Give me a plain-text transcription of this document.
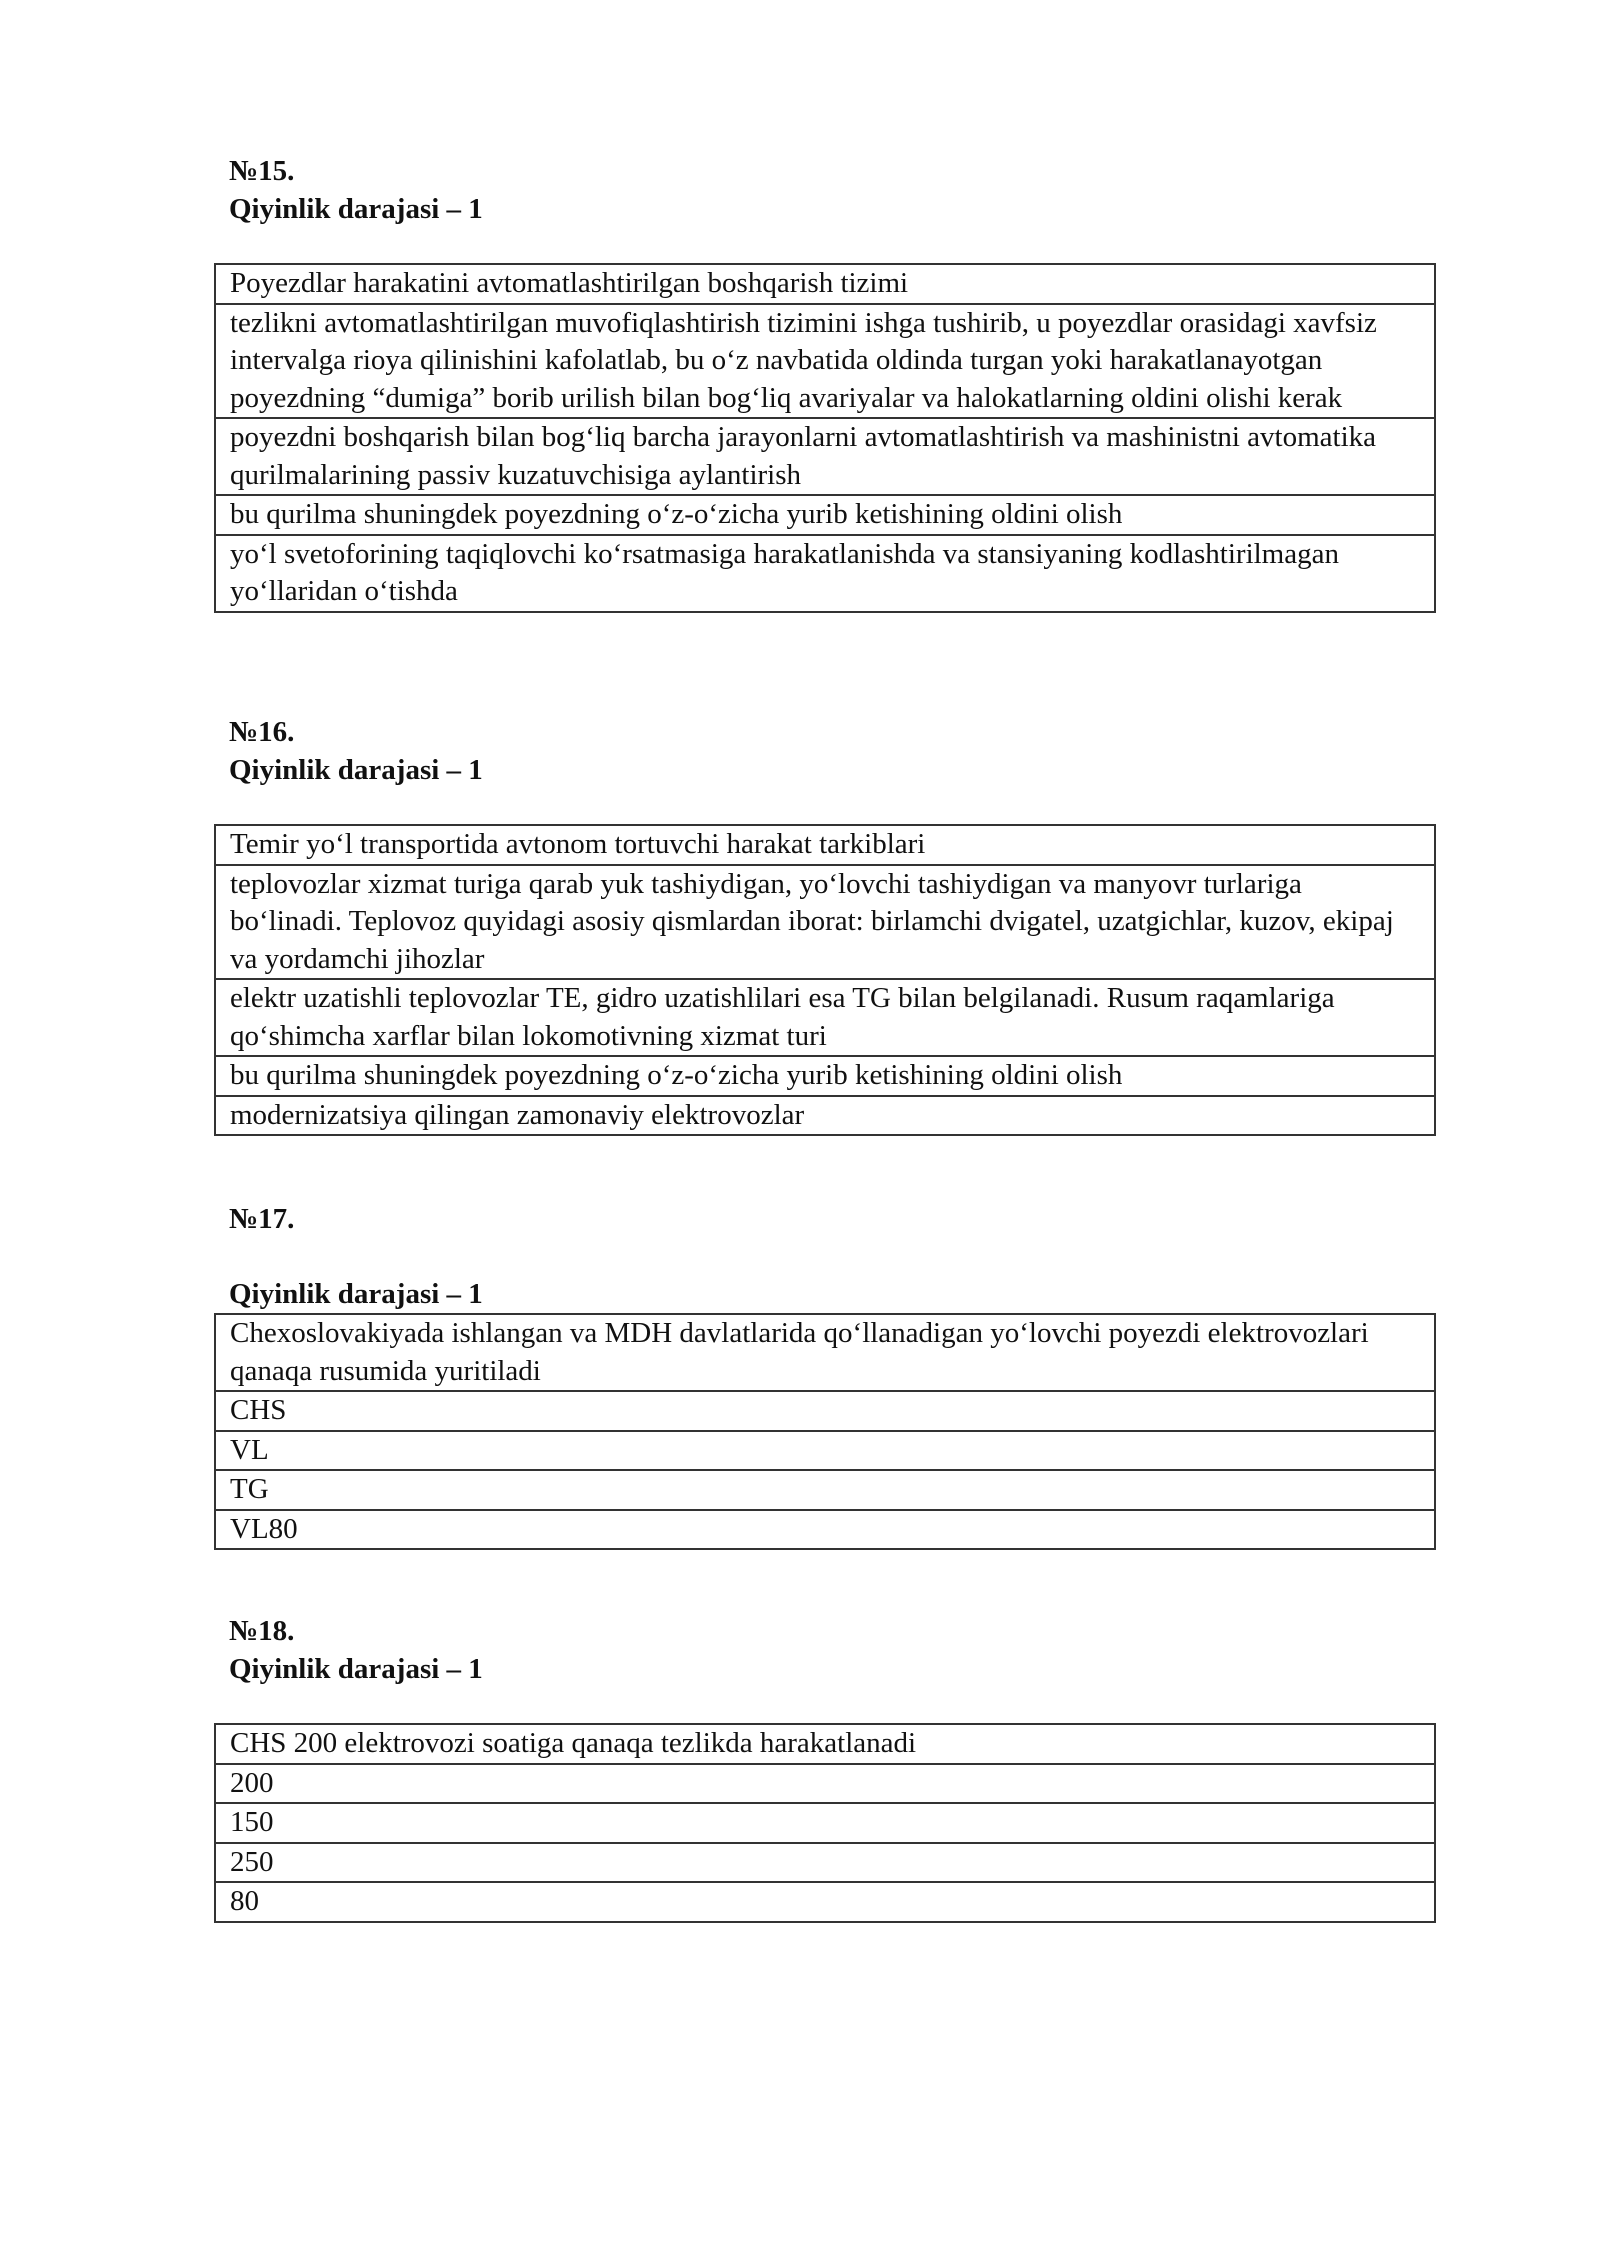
№15.
Qiyinlik darajasi – 1
Poyezdlar harakatini avtomatlashtirilgan boshqarish tizimi
tezlikni avtomatlashtirilgan muvofiqlashtirish tizimini ishga tushirib, u poyezdlar orasidagi xavfsiz intervalga rioya qilinishini kafolatlab, bu o‘z navbatida oldinda turgan yoki harakatlanayotgan poyezdning “dumiga” borib urilish bilan bog‘liq avariyalar va halokatlarning oldini olishi kerak
poyezdni boshqarish bilan bog‘liq barcha jarayonlarni avtomatlashtirish va mashinistni avtomatika qurilmalarining passiv kuzatuvchisiga aylantirish
bu qurilma shuningdek poyezdning o‘z-o‘zicha yurib ketishining oldini olish
yo‘l svetoforining taqiqlovchi ko‘rsatmasiga harakatlanishda va stansiyaning kodlashtirilmagan yo‘llaridan o‘tishda
№16.
Qiyinlik darajasi – 1
Temir yo‘l transportida avtonom tortuvchi harakat tarkiblari
teplovozlar xizmat turiga qarab yuk tashiydigan, yo‘lovchi tashiydigan va manyovr turlariga bo‘linadi. Teplovoz quyidagi asosiy qismlardan iborat: birlamchi dvigatel, uzatgichlar, kuzov, ekipaj va yordamchi jihozlar
elektr uzatishli teplovozlar TE, gidro uzatishlilari esa TG bilan belgilanadi. Rusum raqamlariga qo‘shimcha xarflar bilan lokomotivning xizmat turi
bu qurilma shuningdek poyezdning o‘z-o‘zicha yurib ketishining oldini olish
modernizatsiya qilingan zamonaviy elektrovozlar
№17.
Qiyinlik darajasi – 1
Chexoslovakiyada ishlangan va MDH davlatlarida qo‘llanadigan yo‘lovchi poyezdi elektrovozlari qanaqa rusumida yuritiladi
CHS
VL
TG
VL80
№18.
Qiyinlik darajasi – 1
CHS 200 elektrovozi soatiga qanaqa tezlikda harakatlanadi
200
150
250
80
